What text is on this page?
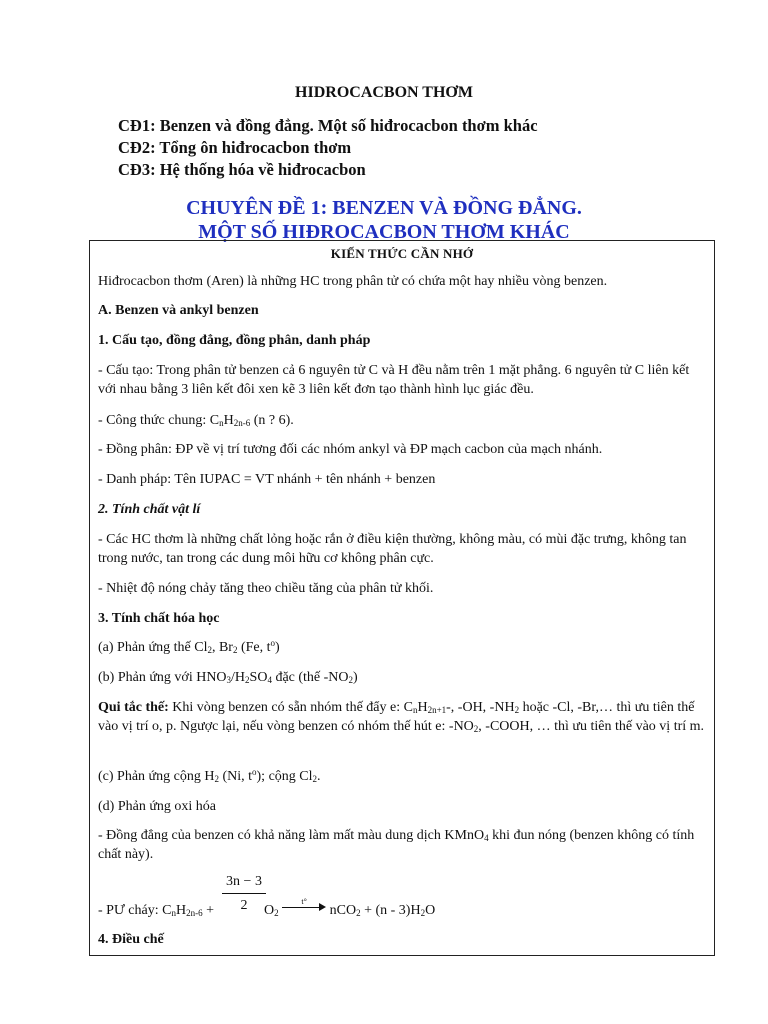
HIDROCACBON THƠM
CĐ1: Benzen và đồng đẳng. Một số hiđrocacbon thơm khác
CĐ2: Tổng ôn hiđrocacbon thơm
CĐ3: Hệ thống hóa về hiđrocacbon
CHUYÊN ĐỀ 1: BENZEN VÀ ĐỒNG ĐẲNG.
MỘT SỐ HIĐROCACBON THƠM KHÁC
KIẾN THỨC CẦN NHỚ
Hiđrocacbon thơm (Aren) là những HC trong phân tử có chứa một hay nhiều vòng benzen.
A. Benzen và ankyl benzen
1. Cấu tạo, đồng đẳng, đồng phân, danh pháp
- Cấu tạo: Trong phân tử benzen cả 6 nguyên tử C và H đều nằm trên 1 mặt phẳng. 6 nguyên tử C liên kết với nhau bằng 3 liên kết đôi xen kẽ 3 liên kết đơn tạo thành hình lục giác đều.
- Công thức chung: $C_nH_{2n-6}$ (n ? 6).
- Đồng phân: ĐP về vị trí tương đối các nhóm ankyl và ĐP mạch cacbon của mạch nhánh.
- Danh pháp: Tên IUPAC = VT nhánh + tên nhánh + benzen
2. Tính chất vật lí
- Các HC thơm là những chất lỏng hoặc rắn ở điều kiện thường, không màu, có mùi đặc trưng, không tan trong nước, tan trong các dung môi hữu cơ không phân cực.
- Nhiệt độ nóng chảy tăng theo chiều tăng của phân tử khối.
3. Tính chất hóa học
(a) Phản ứng thế $Cl_2$, $Br_2$ (Fe, $t^o$)
(b) Phản ứng với $HNO_3/H_2SO_4$ đặc (thế $-NO_2$)
Qui tắc thế: Khi vòng benzen có sẵn nhóm thế đẩy e: $C_nH_{2n+1}-$, -OH, $-NH_2$ hoặc -Cl, -Br,… thì ưu tiên thế vào vị trí o, p. Ngược lại, nếu vòng benzen có nhóm thế hút e: $-NO_2$, -COOH, … thì ưu tiên thế vào vị trí m.
(c) Phản ứng cộng $H_2$ (Ni, $t^o$); cộng $Cl_2$.
(d) Phản ứng oxi hóa
- Đồng đẳng của benzen có khả năng làm mất màu dung dịch KMnO$_4$ khi đun nóng (benzen không có tính chất này).
3n − 3
2
- PƯ cháy: $C_nH_{2n-6}$ +	$O_2$
t°
$nCO_2 + (n - 3)H_2O$
4. Điều chế
